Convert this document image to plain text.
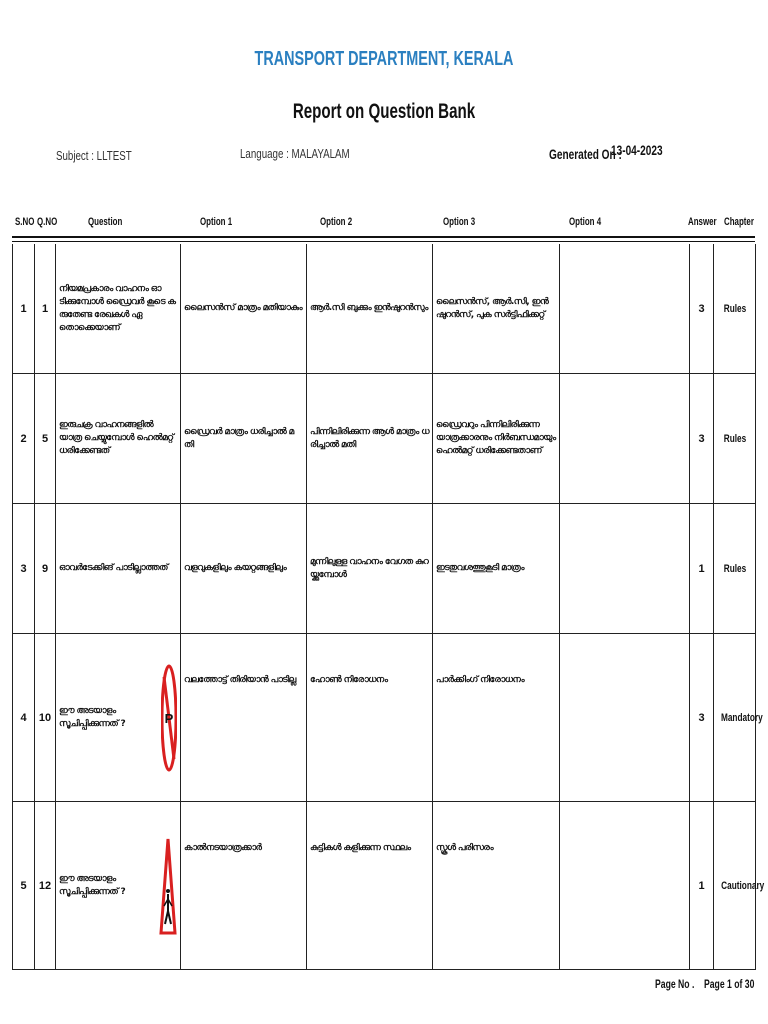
TRANSPORT DEPARTMENT, KERALA
Report on Question Bank
Subject : LLTEST	Language : MALAYALAM	Generated On :
13-04-2023
S.NO Q.NO	Question	Option 1	Option 2	Option 3	Option 4	Answer Chapter
1	1	നിയമപ്രകാരം വാഹനം ഓടിക്കുമ്പോൾ ഡ്രൈവർ കൂടെ കരുതേണ്ട രേഖകൾ ഏതൊക്കെയാണ്	ലൈസൻസ് മാത്രം മതിയാകും	ആർ.സി ബുക്കും ഇൻഷുറൻസും	ലൈസൻസ്, ആർ.സി, ഇൻഷുറൻസ്, പുക സർട്ടിഫിക്കറ്റ്		3	Rules
2	5	ഇരുചക്ര വാഹനങ്ങളിൽ യാത്ര ചെയ്യുമ്പോൾ ഹെൽമറ്റ് ധരിക്കേണ്ടത്	ഡ്രൈവർ മാത്രം ധരിച്ചാൽ മതി	പിന്നിലിരിക്കുന്ന ആൾ മാത്രം ധരിച്ചാൽ മതി	ഡ്രൈവറും പിന്നിലിരിക്കുന്ന യാത്രക്കാരനും നിർബന്ധമായും ഹെൽമറ്റ് ധരിക്കേണ്ടതാണ്		3	Rules
3	9	ഓവർടേക്കിങ് പാടില്ലാത്തത്	വളവുകളിലും കയറ്റങ്ങളിലും	മുന്നിലുള്ള വാഹനം വേഗത കുറയ്ക്കുമ്പോൾ	ഇടതുവശത്തുകൂടി മാത്രം		1	Rules
4	10	ഈ അടയാളം സൂചിപ്പിക്കുന്നത് ? P	വലത്തോട്ട് തിരിയാൻ പാടില്ല	ഹോൺ നിരോധനം	പാർക്കിംഗ് നിരോധനം		3	Mandatory
5	12	ഈ അടയാളം സൂചിപ്പിക്കുന്നത് ?	കാൽനടയാത്രക്കാർ	കുട്ടികൾ കളിക്കുന്ന സ്ഥലം	സ്കൂൾ പരിസരം		1	Cautionary
Page No . Page 1 of 30
